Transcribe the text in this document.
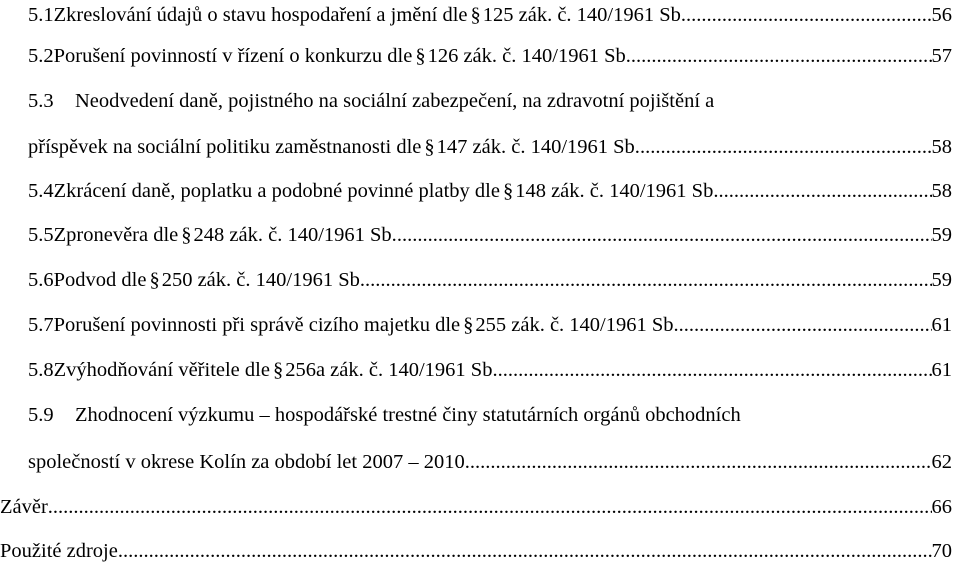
5.1 Zkreslování údajů o stavu hospodaření a jmění dle § 125 zák. č. 140/1961 Sb. .....	56
5.2 Porušení povinností v řízení o konkurzu dle § 126 zák. č. 140/1961 Sb. .....	57
5.3 Neodvedení daně, pojistného na sociální zabezpečení, na zdravotní pojištění a
příspěvek na sociální politiku zaměstnanosti dle § 147 zák. č. 140/1961 Sb. .....	58
5.4 Zkrácení daně, poplatku a podobné povinné platby dle § 148 zák. č. 140/1961 Sb. .....	58
5.5 Zpronevěra dle § 248 zák. č. 140/1961 Sb. .....	59
5.6 Podvod dle § 250 zák. č. 140/1961 Sb. .....	59
5.7 Porušení povinnosti při správě cizího majetku dle § 255 zák. č. 140/1961 Sb. .....	61
5.8 Zvýhodňování věřitele dle § 256a zák. č. 140/1961 Sb. .....	61
5.9 Zhodnocení výzkumu – hospodářské trestné činy statutárních orgánů obchodních
společností v okrese Kolín za období let 2007 – 2010 .....	62
Závěr .....	66
Použité zdroje .....	70
